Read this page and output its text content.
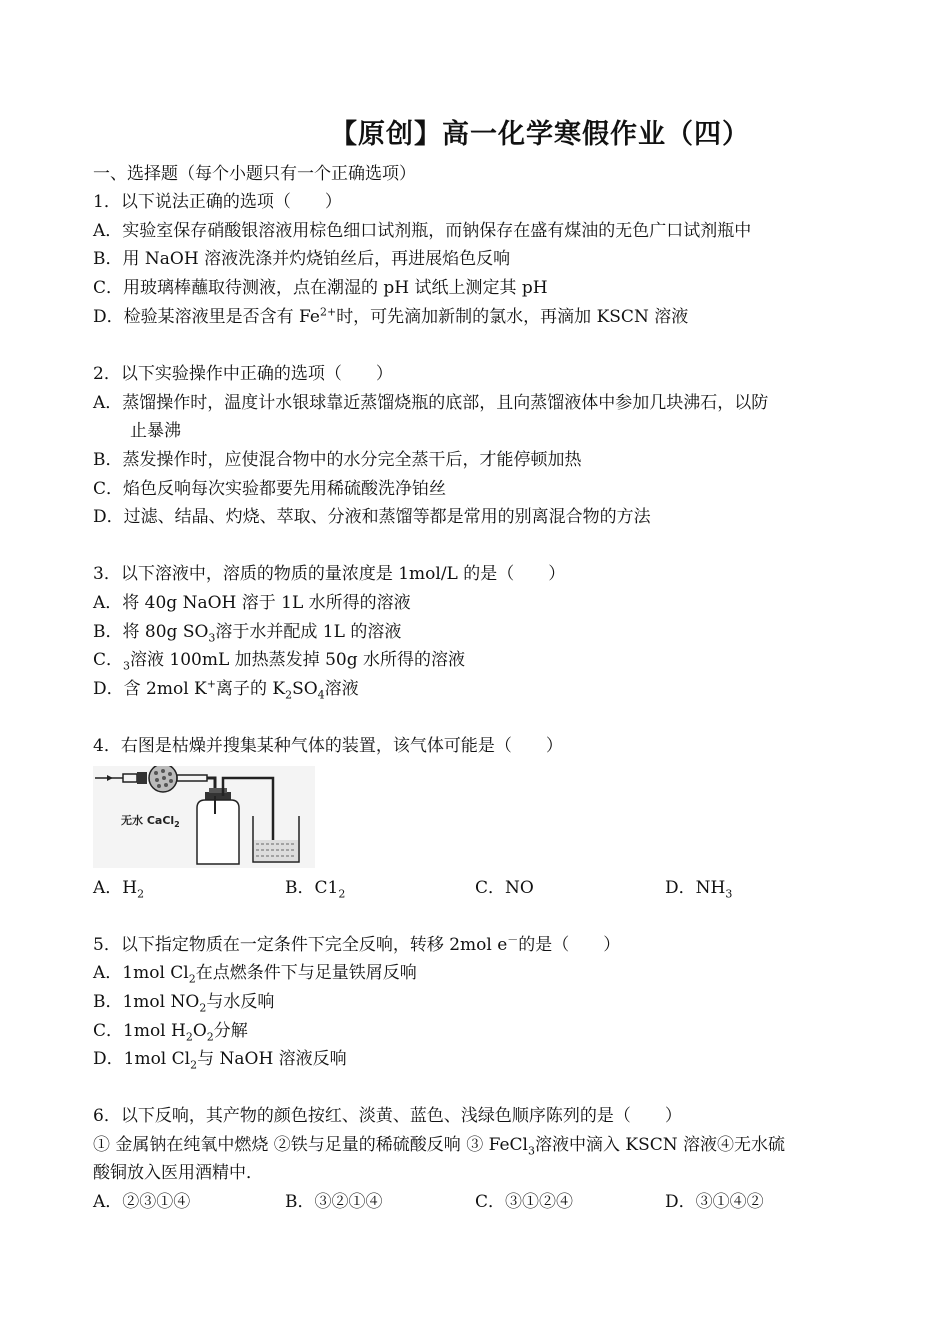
【原创】高一化学寒假作业（四）
一、选择题（每个小题只有一个正确选项）
1．以下说法正确的选项（　　）
A．实验室保存硝酸银溶液用棕色细口试剂瓶，而钠保存在盛有煤油的无色广口试剂瓶中
B．用 NaOH 溶液洗涤并灼烧铂丝后，再进展焰色反响
C．用玻璃棒蘸取待测液，点在潮湿的 pH 试纸上测定其 pH
D．检验某溶液里是否含有 $Fe^{2+}$时，可先滴加新制的氯水，再滴加 KSCN 溶液
2．以下实验操作中正确的选项（　　）
A．蒸馏操作时，温度计水银球靠近蒸馏烧瓶的底部，且向蒸馏液体中参加几块沸石，以防
止暴沸
B．蒸发操作时，应使混合物中的水分完全蒸干后，才能停顿加热
C．焰色反响每次实验都要先用稀硫酸洗净铂丝
D．过滤、结晶、灼烧、萃取、分液和蒸馏等都是常用的别离混合物的方法
3．以下溶液中，溶质的物质的量浓度是 1mol/L 的是（　　）
A．将 40g NaOH 溶于 1L 水所得的溶液
B．将 80g $SO_3$溶于水并配成 1L 的溶液
C．$_3$溶液 100mL 加热蒸发掉 50g 水所得的溶液
D．含 2mol K+离子的 $K_2SO_4$溶液
4．右图是枯燥并搜集某种气体的装置，该气体可能是（　　）
无水 CaCl$_2$
A．$H_2$	B．$C1_2$	C．NO	D．$NH_3$
5．以下指定物质在一定条件下完全反响，转移 2mol e－的是（　　）
A．1mol $Cl_2$在点燃条件下与足量铁屑反响
B．1mol $NO_2$与水反响
C．1mol $H_2O_2$分解
D．1mol $Cl_2$与 NaOH 溶液反响
6．以下反响，其产物的颜色按红、淡黄、蓝色、浅绿色顺序陈列的是（　　）
① 金属钠在纯氧中燃烧 ②铁与足量的稀硫酸反响 ③ FeCl$_3$溶液中滴入 KSCN 溶液④无水硫
酸铜放入医用酒精中．
A．②③①④	B．③②①④	C．③①②④	D．③①④②
